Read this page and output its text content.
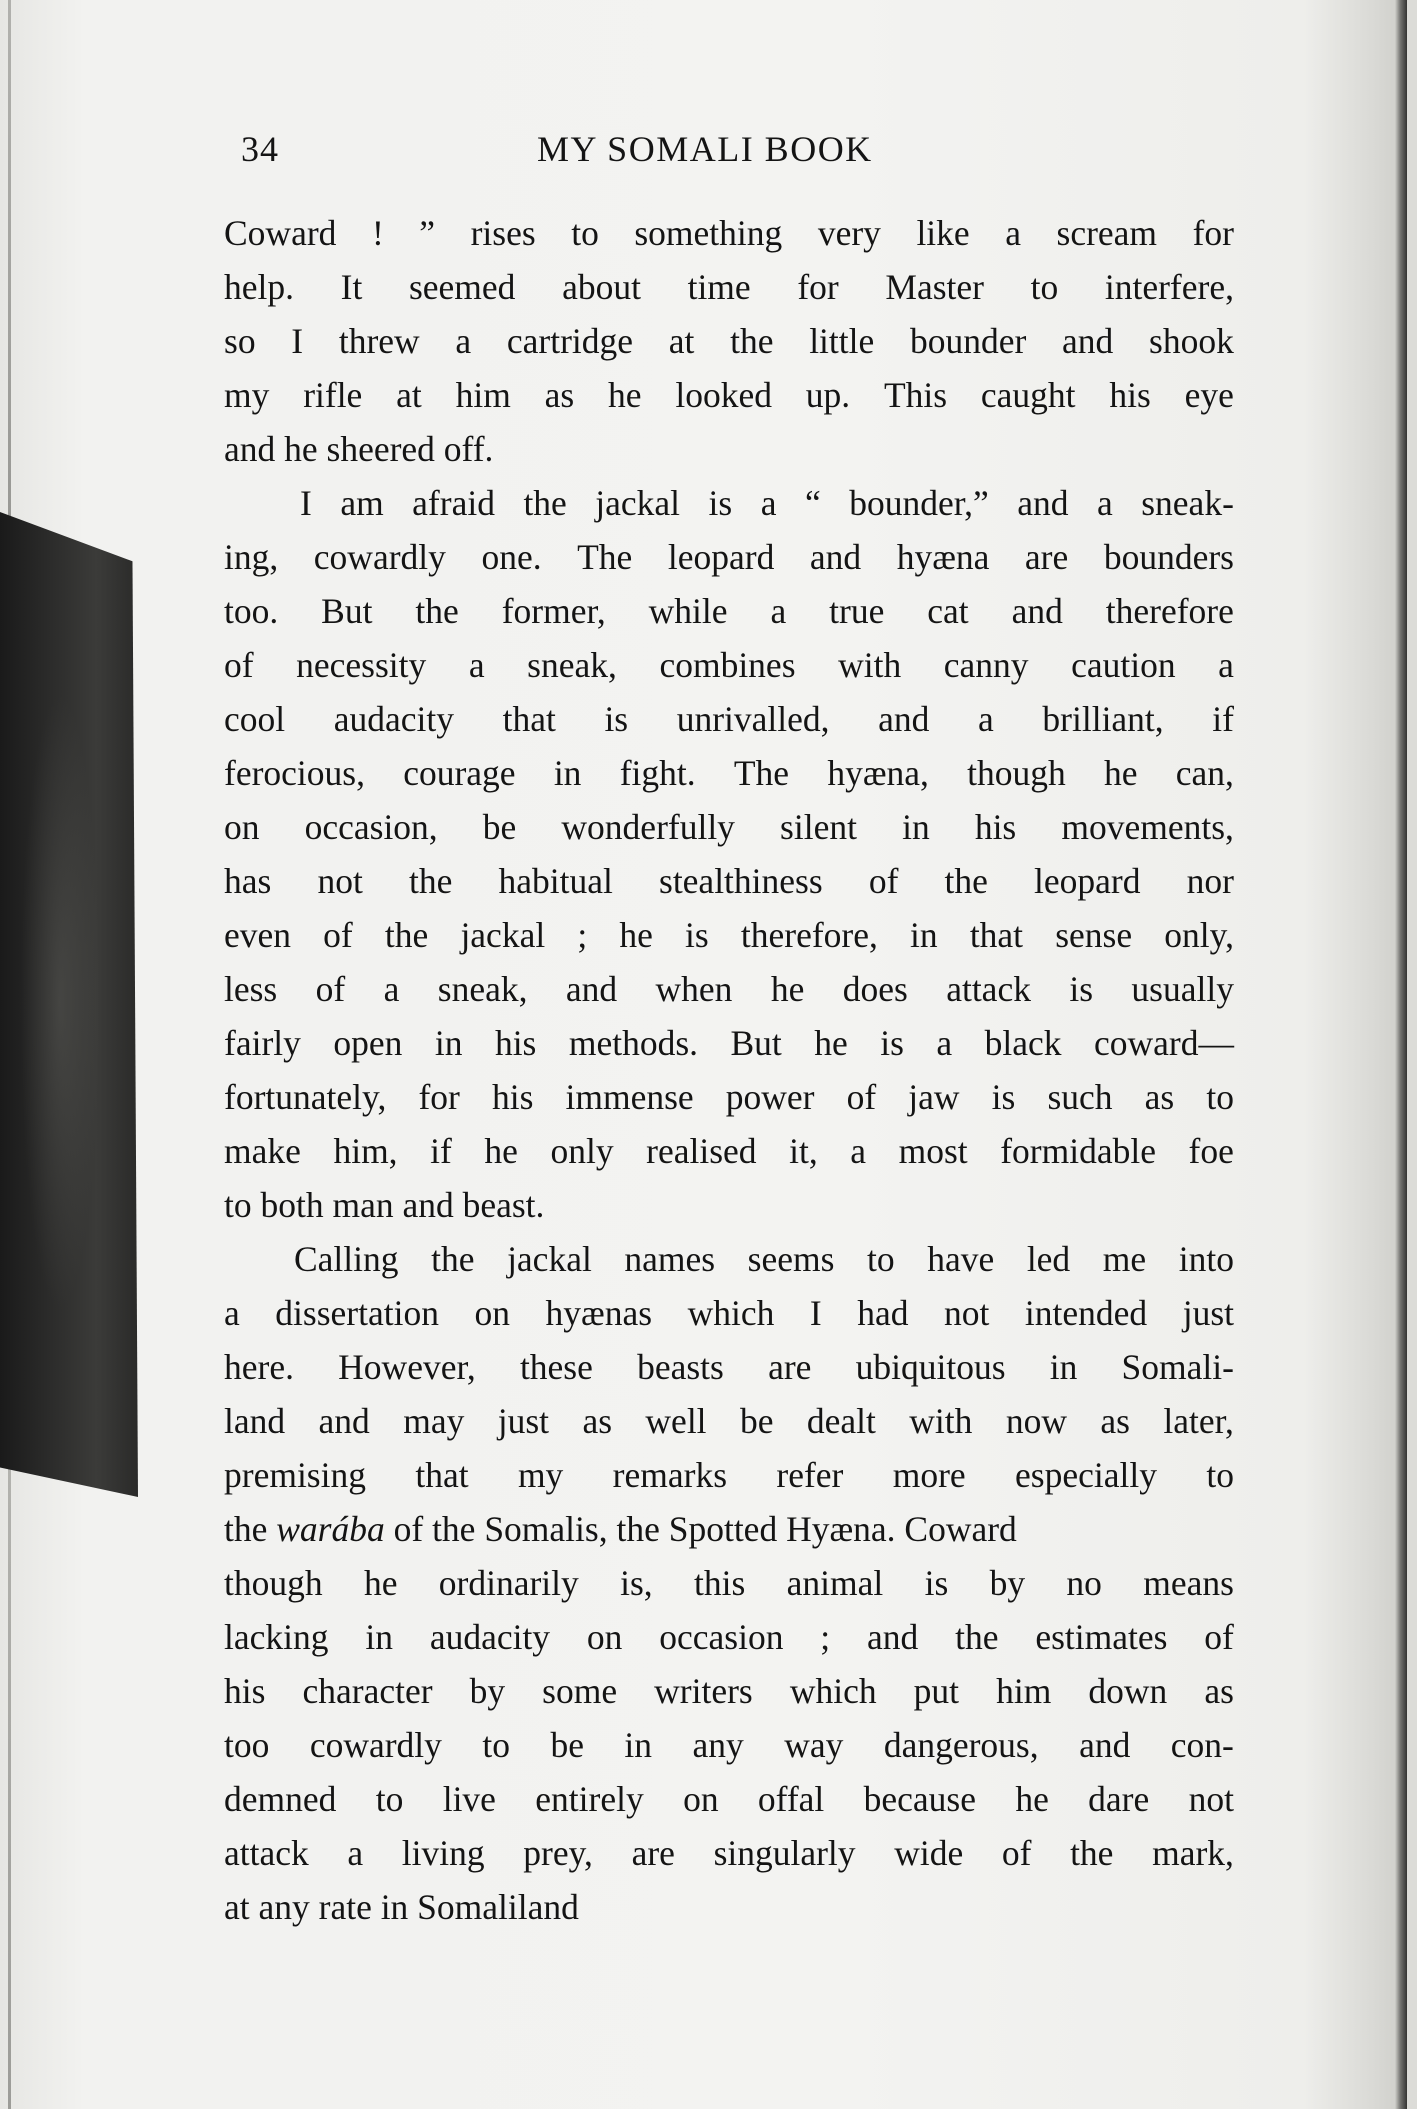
34	MY SOMALI BOOK
Coward ! ” rises to something very like a scream for
help. It seemed about time for Master to interfere,
so I threw a cartridge at the little bounder and shook
my rifle at him as he looked up. This caught his eye
and he sheered off.
I am afraid the jackal is a “ bounder,” and a sneak-
ing, cowardly one. The leopard and hyæna are bounders
too. But the former, while a true cat and therefore
of necessity a sneak, combines with canny caution a
cool audacity that is unrivalled, and a brilliant, if
ferocious, courage in fight. The hyæna, though he can,
on occasion, be wonderfully silent in his movements,
has not the habitual stealthiness of the leopard nor
even of the jackal ; he is therefore, in that sense only,
less of a sneak, and when he does attack is usually
fairly open in his methods. But he is a black coward—
fortunately, for his immense power of jaw is such as to
make him, if he only realised it, a most formidable foe
to both man and beast.
Calling the jackal names seems to have led me into
a dissertation on hyænas which I had not intended just
here. However, these beasts are ubiquitous in Somali-
land and may just as well be dealt with now as later,
premising that my remarks refer more especially to
the
warába
of the Somalis, the Spotted Hyæna. Coward
though he ordinarily is, this animal is by no means
lacking in audacity on occasion ; and the estimates of
his character by some writers which put him down as
too cowardly to be in any way dangerous, and con-
demned to live entirely on offal because he dare not
attack a living prey, are singularly wide of the mark,
at any rate in Somaliland
